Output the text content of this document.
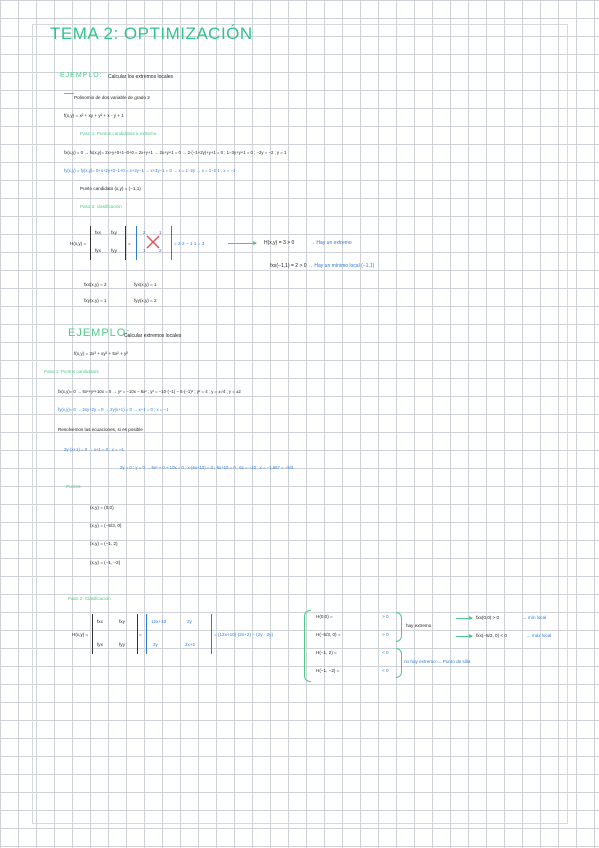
TEMA 2: OPTIMIZACIÓN
EJEMPLO: Calcular los extremos locales
Polinomio de dos variable de grado 2
f(x,y) = x² + xy + y² + x - y + 1
Paso 1: Puntos candidatos a extremo
fx(x,y) = 0 → fx(x,y)= 2x+y+0+1−0+0 = 2x+y+1 → 2x+y+1 = 0 → 2·(−1+2y)+y+1 = 0 ; 1−3y+y+1 = 0 ; −2y = −2 ; y = 1
fy(x,y) = fy(x,y)= 0+x+2y+0−1+0 = x+2y−1 → x+2y−1 = 0 → x = 1−2y → x = 1−2·1 ; x = −1
Punto candidato (x,y) = (−1,1)
Paso 2: clasificación
H(x,y) =
fxx fxy
fyx fyy
=
2	1
1	2
= 2·2 − 1·1 = 3	H(x,y) = 3 > 0	→ Hay un extremo
fxx(−1,1) = 2 > 0 → Hay un mínimo local (−1,1)
fxx(x,y) = 2	fyx(x,y) = 1
fxy(x,y) = 1	fyy(x,y) = 2
EJEMPLO:
Calcular extremos locales
f(x,y) = 2x³ + xy² + 5x² + y²
Paso 1: Puntos candidatos
fx(x,y)= 0 → 6x²+y²+10x = 0 → y² = −10x − 6x² ; y² = −10·(−1) − 6·(−1)² ; y² = 4 ; y = ±√4 ; y = ±2
fy(x,y)= 0 → 2xy+2y = 0 → 2y(x+1) = 0 → x+1 = 0 ; x = −1
Resolvemos las ecuaciones, si es posible
2y·(x+1) = 0 → x+1 = 0 ; x = −1
2y = 0 ; y = 0 → 6x² + 0 + 10x = 0 ; x·(6x+10) = 0 ; 6x+10 = 0 ; 6x = −10 ; x = −1,667 = −5/3
Puntos:
(x,y) = (0,0)
(x,y) = (−5/3, 0)
(x,y) = (−1, 2)
(x,y) = (−1, −2)
Paso 2: Clasificación
H(x,y) =
fxx	fxy
fyx	fyy
=
12x+10	2y
2y	2x+2
= (12x+10)·(2x+2) − (2y · 2y)
H(0,0) =	> 0
H(−5/3, 0) =	> 0
H(−1, 2) =	< 0
H(−1, −2) =	< 0
hay extremo
no hay extremo → Punto de silla
fxx(0,0) > 0	→ mín local
fxx(−5/3, 0) < 0	→ máx local
